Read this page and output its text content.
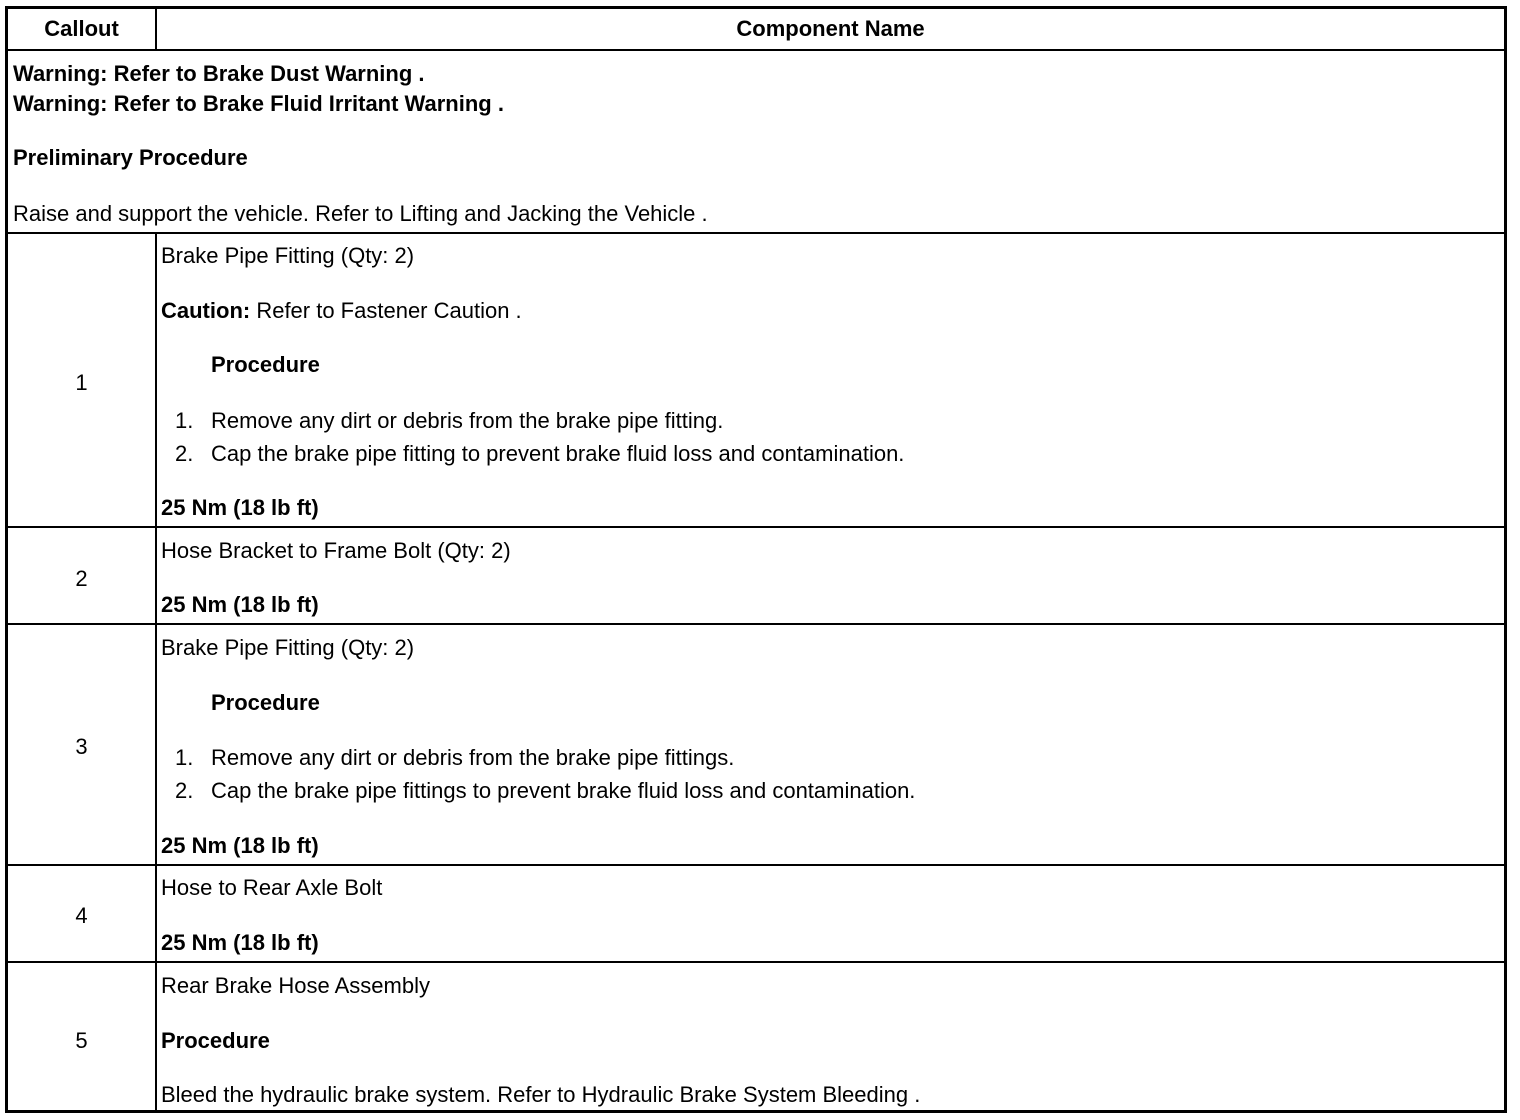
Callout	Component Name
Warning: Refer to Brake Dust Warning .
Warning: Refer to Brake Fluid Irritant Warning .
Preliminary Procedure
Raise and support the vehicle. Refer to Lifting and Jacking the Vehicle .
1
Brake Pipe Fitting (Qty: 2)
Caution: Refer to Fastener Caution .
Procedure
1. Remove any dirt or debris from the brake pipe fitting.
2. Cap the brake pipe fitting to prevent brake fluid loss and contamination.
25 Nm (18 lb ft)
2
Hose Bracket to Frame Bolt (Qty: 2)
25 Nm (18 lb ft)
3
Brake Pipe Fitting (Qty: 2)
Procedure
1. Remove any dirt or debris from the brake pipe fittings.
2. Cap the brake pipe fittings to prevent brake fluid loss and contamination.
25 Nm (18 lb ft)
4
Hose to Rear Axle Bolt
25 Nm (18 lb ft)
5
Rear Brake Hose Assembly
Procedure
Bleed the hydraulic brake system. Refer to Hydraulic Brake System Bleeding .
